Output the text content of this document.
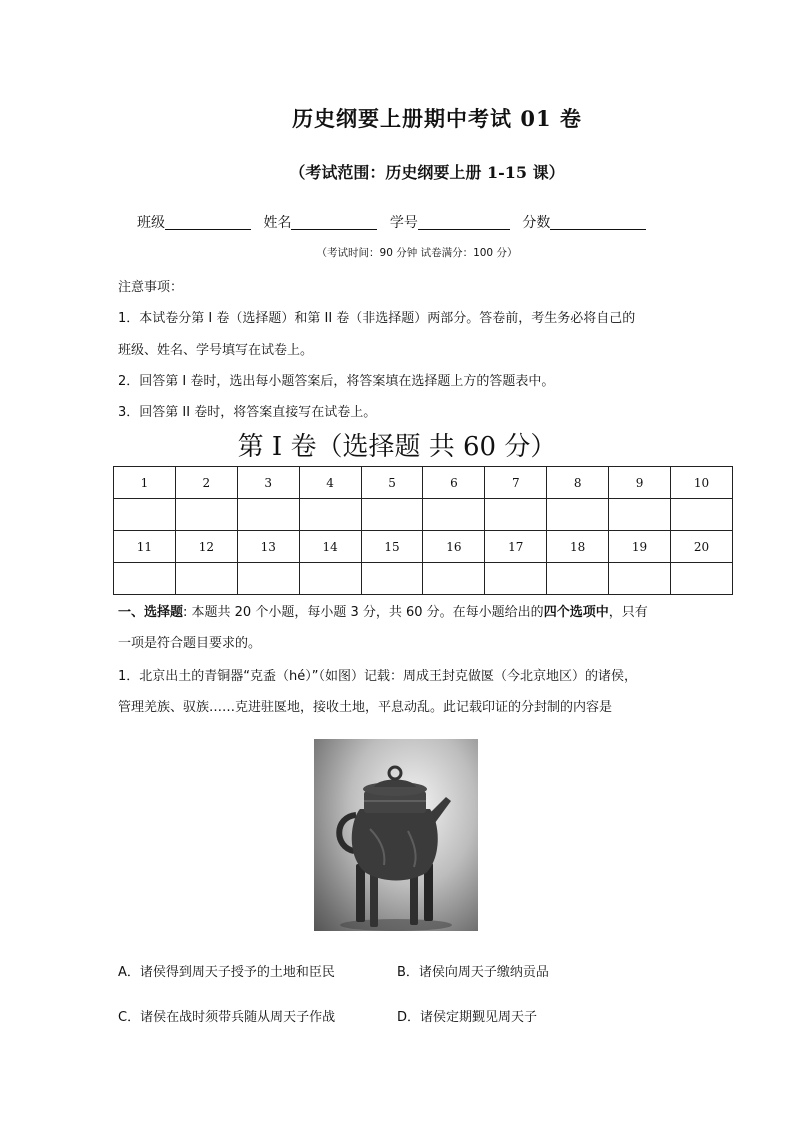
历史纲要上册期中考试 01 卷
（考试范围：历史纲要上册 1-15 课）
班级	姓名	学号	分数
（考试时间：90 分钟 试卷满分：100 分）
注意事项：
1．本试卷分第 I 卷（选择题）和第 II 卷（非选择题）两部分。答卷前，考生务必将自己的
班级、姓名、学号填写在试卷上。
2．回答第 I 卷时，选出每小题答案后，将答案填在选择题上方的答题表中。
3．回答第 II 卷时，将答案直接写在试卷上。
第 I 卷（选择题 共 60 分）
1	2	3	4	5	6	7	8	9	10

11	12	13	14	15	16	17	18	19	20

一、选择题: 本题共 20 个小题，每小题 3 分，共 60 分。在每小题给出的四个选项中，只有
一项是符合题目要求的。
1．北京出土的青铜器“克盉（hé）”（如图）记载：周成王封克做匽（今北京地区）的诸侯，
管理羌族、驭族……克进驻匽地，接收土地，平息动乱。此记载印证的分封制的内容是
A．诸侯得到周天子授予的土地和臣民	B．诸侯向周天子缴纳贡品
C．诸侯在战时须带兵随从周天子作战	D．诸侯定期觐见周天子
